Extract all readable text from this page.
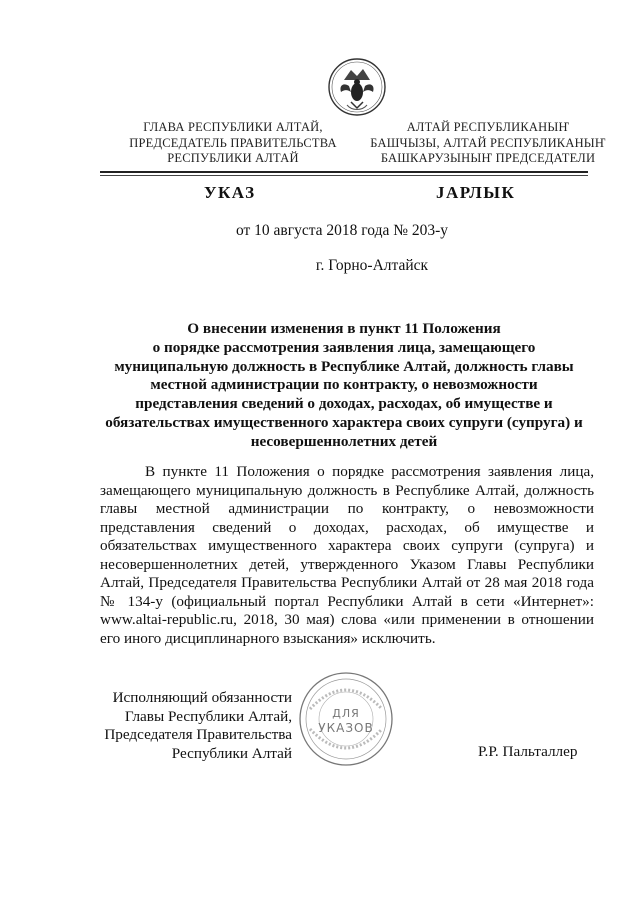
ГЛАВА РЕСПУБЛИКИ АЛТАЙ,
ПРЕДСЕДАТЕЛЬ ПРАВИТЕЛЬСТВА
РЕСПУБЛИКИ АЛТАЙ
АЛТАЙ РЕСПУБЛИКАНЫҤ
БАШЧЫЗЫ, АЛТАЙ РЕСПУБЛИКАНЫҤ
БАШКАРУЗЫНЫҤ ПРЕДСЕДАТЕЛИ
УКАЗ	JАРЛЫК
от 10 августа 2018 года № 203-у
г. Горно-Алтайск
О внесении изменения в пункт 11 Положения
о порядке рассмотрения заявления лица, замещающего
муниципальную должность в Республике Алтай, должность главы
местной администрации по контракту, о невозможности
представления сведений о доходах, расходах, об имуществе и
обязательствах имущественного характера своих супруги (супруга) и
несовершеннолетних детей

В пункте 11 Положения о порядке рассмотрения заявления лица, замещающего муниципальную должность в Республике Алтай, должность главы местной администрации по контракту, о невозможности представления сведений о доходах, расходах, об имуществе и обязательствах имущественного характера своих супруги (супруга) и несовершеннолетних детей, утвержденного Указом Главы Республики Алтай, Председателя Правительства Республики Алтай от 28 мая 2018 года № 134-у (официальный портал Республики Алтай в сети «Интернет»: www.altai-republic.ru, 2018, 30 мая) слова «или применении в отношении его иного дисциплинарного взыскания» исключить.

Исполняющий обязанности
Главы Республики Алтай,
Председателя Правительства
Республики Алтай	Р.Р. Пальталлер
ДЛЯ
УКАЗОВ
